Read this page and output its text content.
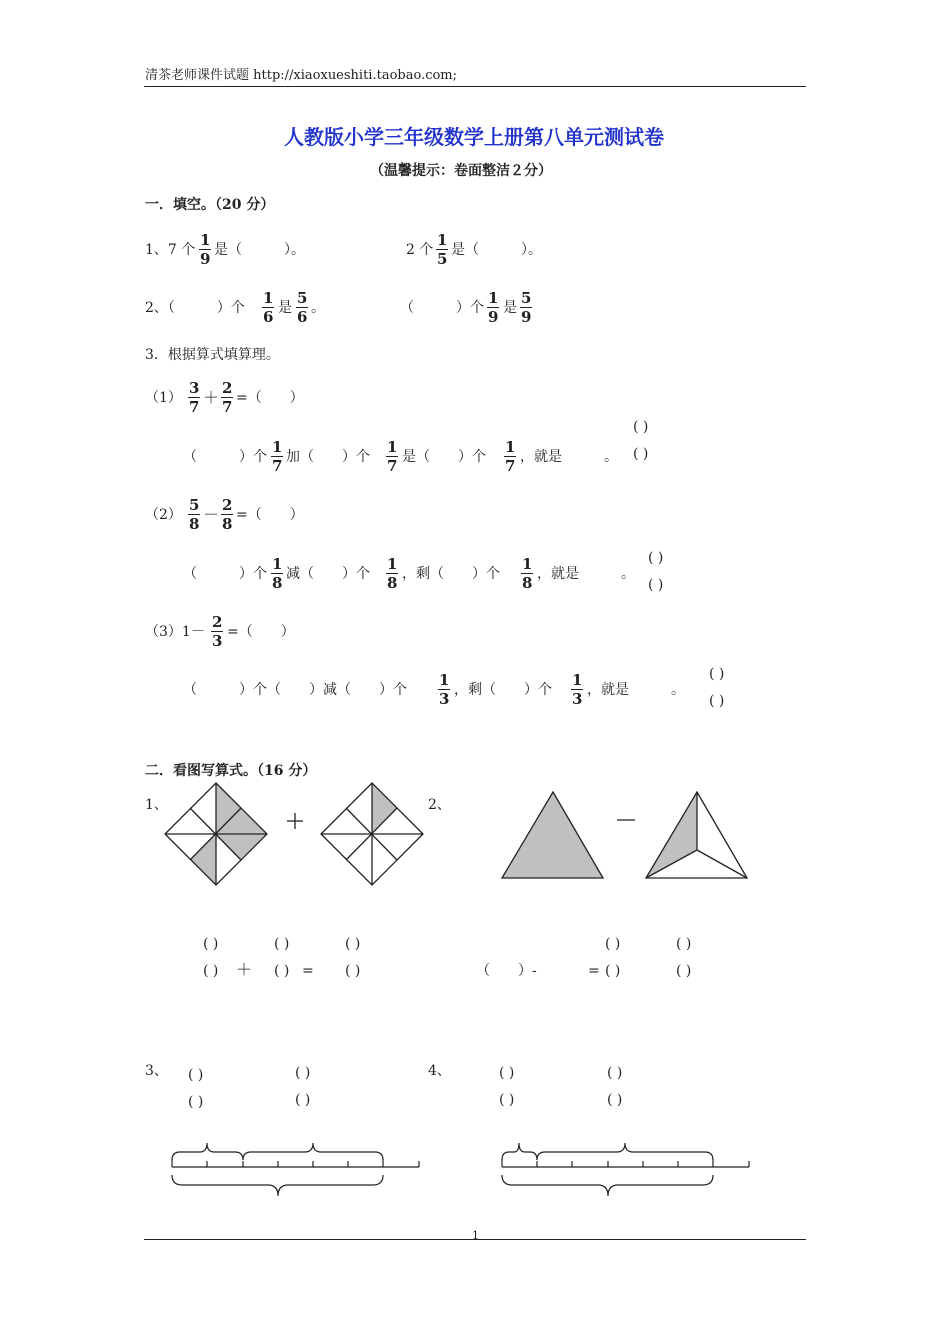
清茶老师课件试题 http://xiaoxueshiti.taobao.com;
人教版小学三年级数学上册第八单元测试卷
（温馨提示：卷面整洁２分）
一．填空。（20 分）
1、7 个 $\frac{1}{9}$ 是（　　　）。	2 个 $\frac{1}{5}$ 是（　　　）。
2、（　　　）个 $\frac{1}{6}$ 是 $\frac{5}{6}$ 。	（　　　）个 $\frac{1}{9}$ 是 $\frac{5}{9}$
3．根据算式填算理。
$(1) \frac{3}{7} + \frac{2}{7}$ =（　　）
（　　　）个 $\frac{1}{7}$ 加（　　）个 $\frac{1}{7}$ 是（　　）个 $\frac{1}{7}$ ，就是　　　。
( )
( )
$(2) \frac{5}{8} - \frac{2}{8}$ =（　　）
（　　　）个 $\frac{1}{8}$ 减（　　）个 $\frac{1}{8}$ ，剩（　　）个 $\frac{1}{8}$ ，就是　　　。
( )
( )
$(3)1- \frac{2}{3}$ =（　　）
（　　　）个（　　）减（　　）个 $\frac{1}{3}$ ，剩（　　）个 $\frac{1}{3}$ ，就是　　　。
( )
( )
二．看图写算式。（16 分）
1、	2、
( )
( ) ＋
( )
( ) =
( )
( )	（　　）-	=
( )
( )
( )
( )
3、 ( )
( )
( )
( )
4、	( )
( )
( )
( )
1
